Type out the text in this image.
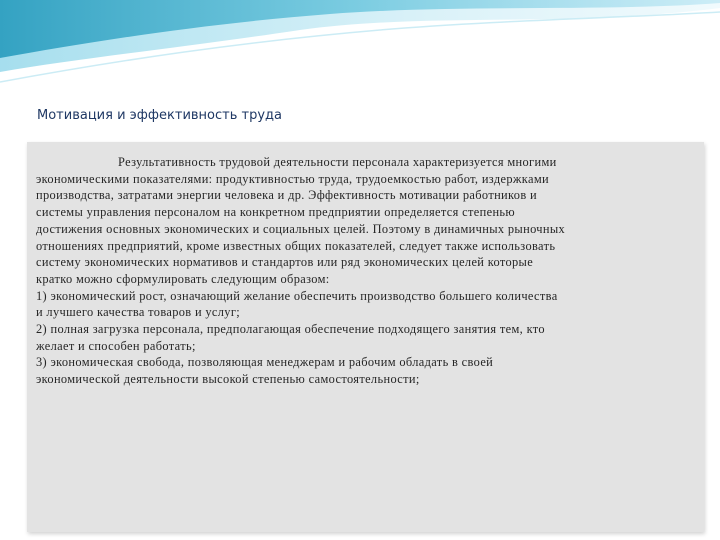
Мотивация и эффективность труда
Результативность трудовой деятельности персонала характеризуется многими
экономическими показателями: продуктивностью труда, трудоемкостью работ, издержками
производства, затратами энергии человека и др. Эффективность мотивации работников и
системы управления персоналом на конкретном предприятии определяется степенью
достижения основных экономических и социальных целей. Поэтому в динамичных рыночных
отношениях предприятий, кроме известных общих показателей, следует также использовать
систему экономических нормативов и стандартов или ряд экономических целей которые
кратко можно сформулировать следующим образом:
1) экономический рост, означающий желание обеспечить производство большего количества
и лучшего качества товаров и услуг;
2) полная загрузка персонала, предполагающая обеспечение подходящего занятия тем, кто
желает и способен работать;
3) экономическая свобода, позволяющая менеджерам и рабочим обладать в своей
экономической деятельности высокой степенью самостоятельности;
